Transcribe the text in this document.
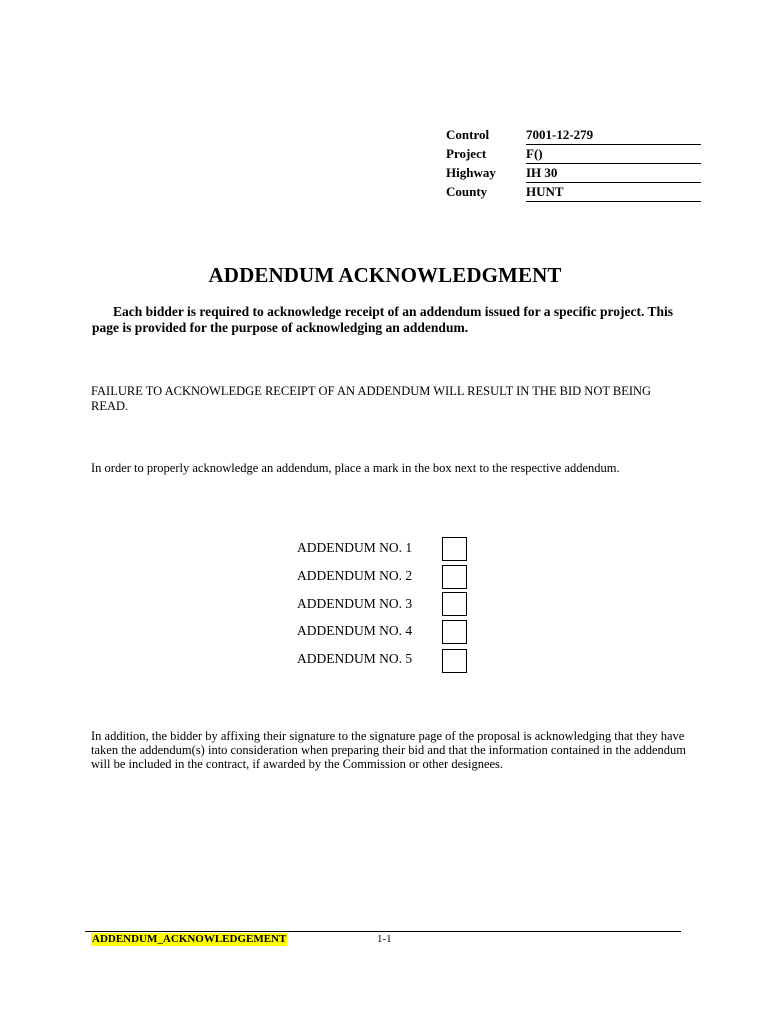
Control	7001-12-279
Project	F()
Highway IH 30
County	HUNT
ADDENDUM ACKNOWLEDGMENT
Each bidder is required to acknowledge receipt of an addendum issued for a specific project. This page is provided for the purpose of acknowledging an addendum.
FAILURE TO ACKNOWLEDGE RECEIPT OF AN ADDENDUM WILL RESULT IN THE BID NOT BEING READ.
In order to properly acknowledge an addendum, place a mark in the box next to the respective addendum.
ADDENDUM NO. 1
ADDENDUM NO. 2
ADDENDUM NO. 3
ADDENDUM NO. 4
ADDENDUM NO. 5
In addition, the bidder by affixing their signature to the signature page of the proposal is acknowledging that they have taken the addendum(s) into consideration when preparing their bid and that the information contained in the addendum will be included in the contract, if awarded by the Commission or other designees.
ADDENDUM_ACKNOWLEDGEMENT	1-1
